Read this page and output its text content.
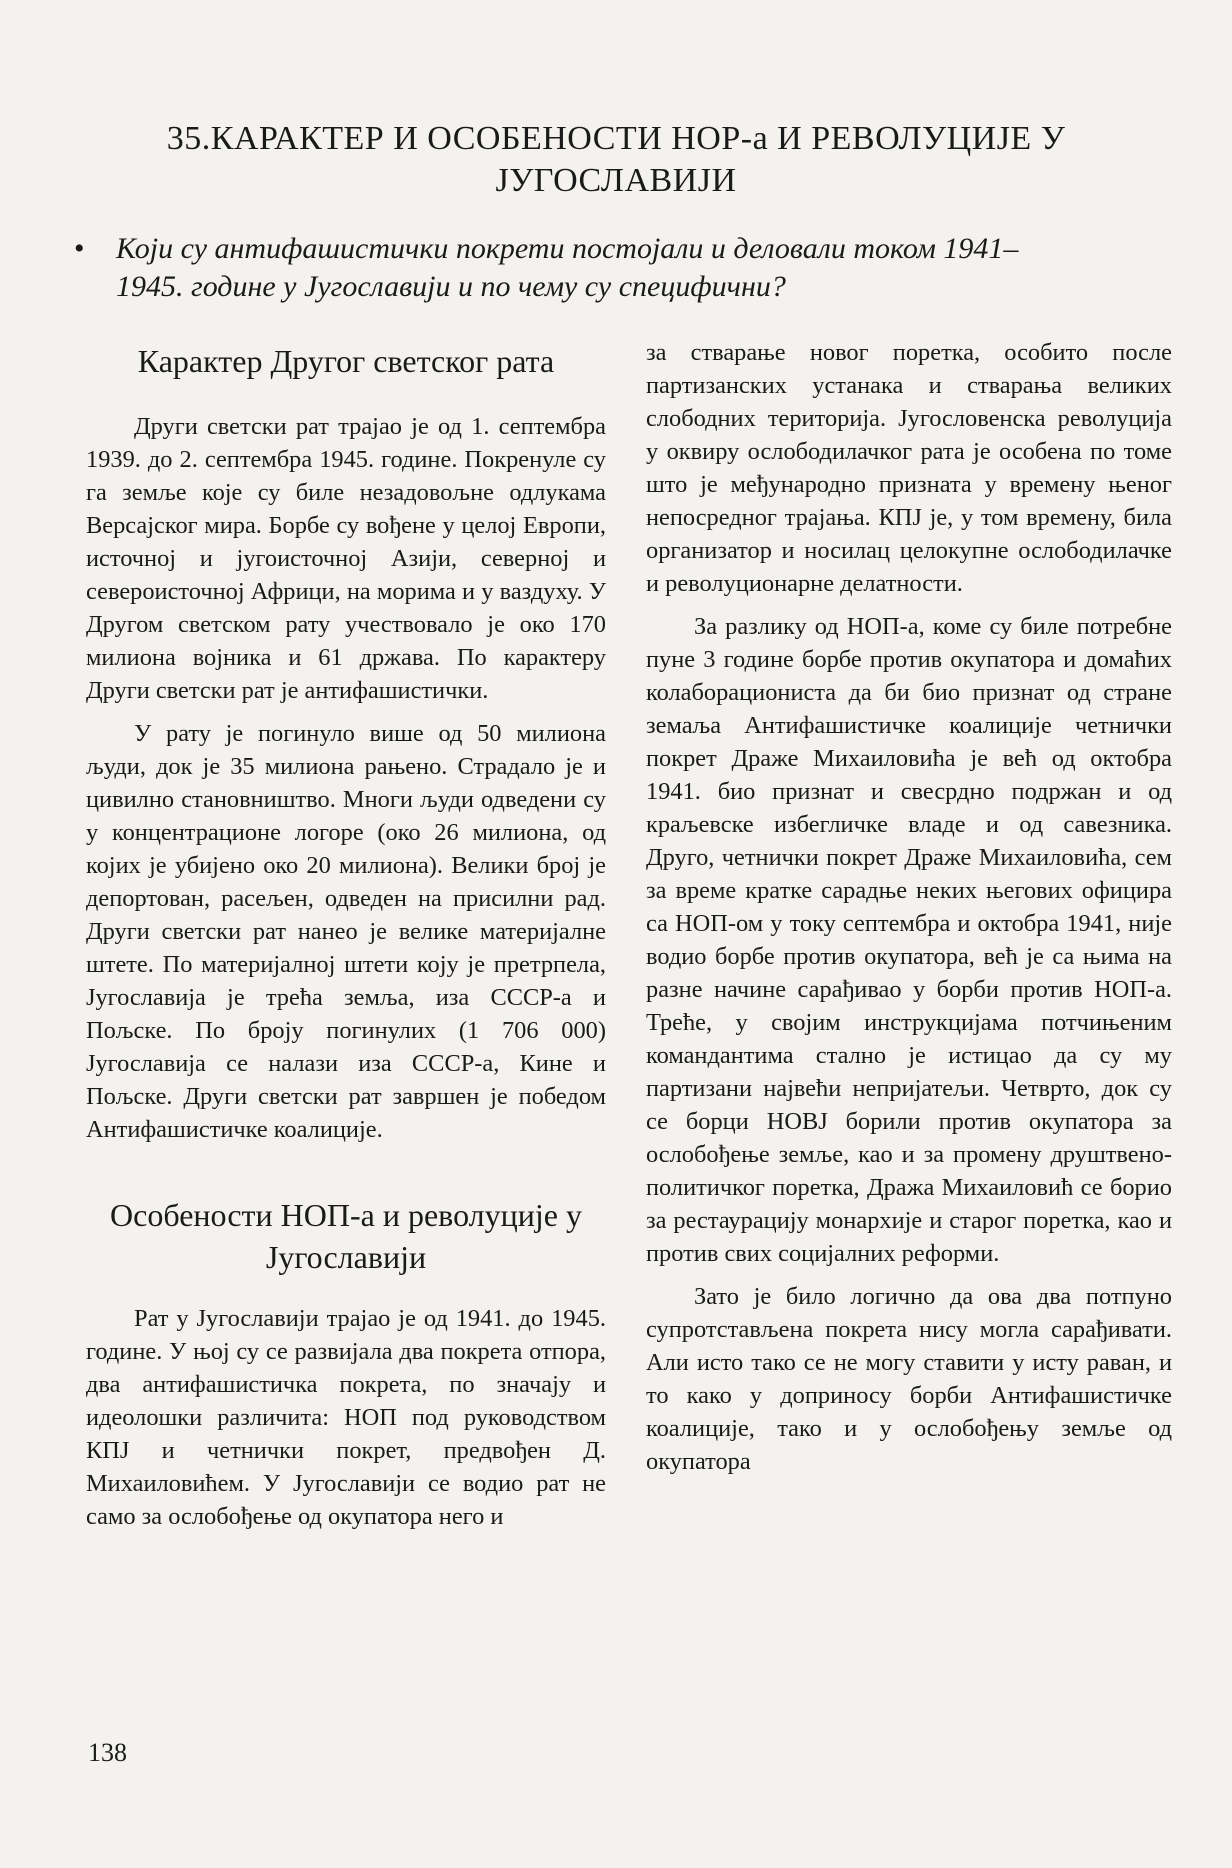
35.КАРАКТЕР И ОСОБЕНОСТИ НОР-а И РЕВОЛУЦИЈЕ У ЈУГОСЛАВИЈИ
•	Који су антифашистички покрети постојали и деловали током 1941–1945. године у Југославији и по чему су специфични?
Карактер Другог светског рата

Други светски рат трајао је од 1. септембра 1939. до 2. септембра 1945. године. Покренуле су га земље које су биле незадовољне одлукама Версајског мира. Борбе су вођене у целој Европи, источној и југоисточној Азији, северној и североисточној Африци, на морима и у ваздуху. У Другом светском рату учествовало је око 170 милиона војника и 61 држава. По карактеру Други светски рат је антифашистички.

У рату је погинуло више од 50 милиона људи, док је 35 милиона рањено. Страдало је и цивилно становништво. Многи људи одведени су у концентрационе логоре (око 26 милиона, од којих је убијено око 20 милиона). Велики број је депортован, расељен, одведен на присилни рад. Други светски рат нанео је велике материјалне штете. По материјалној штети коју је претрпела, Југославија је трећа земља, иза СССР-а и Пољске. По броју погинулих (1 706 000) Југославија се налази иза СССР-а, Кине и Пољске. Други светски рат завршен је победом Антифашистичке коалиције.

Особености НОП-а и револуције у Југославији

Рат у Југославији трајао је од 1941. до 1945. године. У њој су се развијала два покрета отпора, два антифашистичка покрета, по значају и идеолошки различита: НОП под руководством КПЈ и четнички покрет, предвођен Д. Михаиловићем. У Југославији се водио рат не само за ослобођење од окупатора него и

за стварање новог поретка, особито после партизанских устанака и стварања великих слободних територија. Југословенска револуција у оквиру ослободилачког рата је особена по томе што је међународно призната у времену њеног непосредног трајања. КПЈ је, у том времену, била организатор и носилац целокупне ослободилачке и револуционарне делатности.

За разлику од НОП-а, коме су биле потребне пуне 3 године борбе против окупатора и домаћих колаборациониста да би био признат од стране земаља Антифашистичке коалиције четнички покрет Драже Михаиловића је већ од октобра 1941. био признат и свесрдно подржан и од краљевске избегличке владе и од савезника. Друго, четнички покрет Драже Михаиловића, сем за време кратке сарадње неких његових официра са НОП-ом у току септембра и октобра 1941, није водио борбе против окупатора, већ је са њима на разне начине сарађивао у борби против НОП-а. Треће, у својим инструкцијама потчињеним командантима стално је истицао да су му партизани највећи непријатељи. Четврто, док су се борци НОВЈ борили против окупатора за ослобођење земље, као и за промену друштвено-политичког поретка, Дража Михаиловић се борио за рестаурацију монархије и старог поретка, као и против свих социјалних реформи.

Зато је било логично да ова два потпуно супротстављена покрета нису могла сарађивати. Али исто тако се не могу ставити у исту раван, и то како у доприносу борби Антифашистичке коалиције, тако и у ослобођењу земље од окупатора

138
